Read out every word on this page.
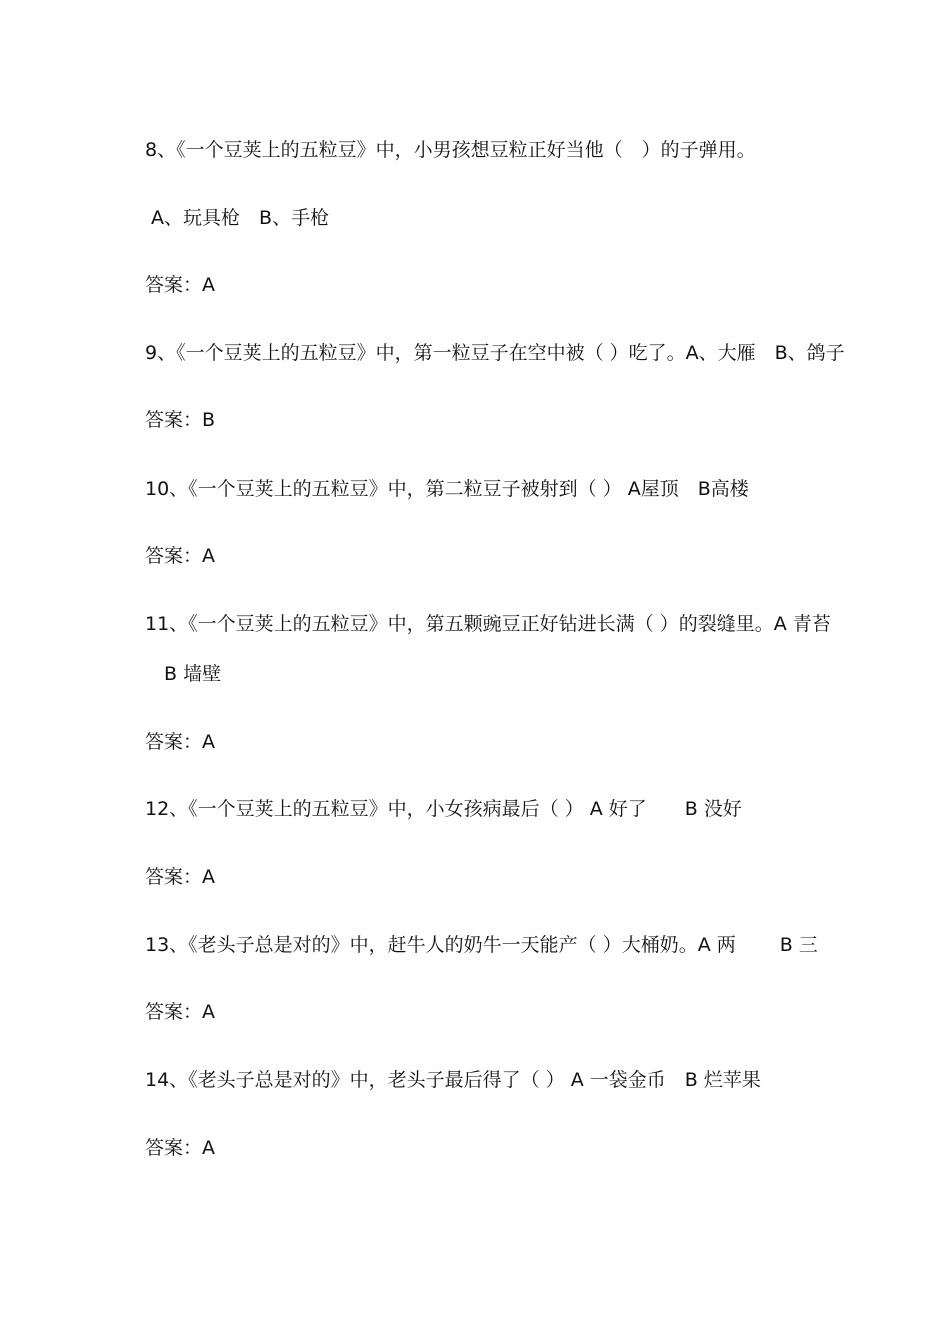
8、《一个豆荚上的五粒豆》中，小男孩想豆粒正好当他（　）的子弹用。
A、玩具枪　B、手枪
答案：A
9、《一个豆荚上的五粒豆》中，第一粒豆子在空中被（ ）吃了。A、大雁　B、鸽子
答案：B
10、《一个豆荚上的五粒豆》中，第二粒豆子被射到（ ） A屋顶　B高楼
答案：A
11、《一个豆荚上的五粒豆》中，第五颗豌豆正好钻进长满（ ）的裂缝里。A 青苔
　B 墙壁
答案：A
12、《一个豆荚上的五粒豆》中，小女孩病最后（ ） A 好了　　B 没好
答案：A
13、《老头子总是对的》中，赶牛人的奶牛一天能产（ ）大桶奶。A 两　　 B 三
答案：A
14、《老头子总是对的》中，老头子最后得了（ ） A 一袋金币　B 烂苹果
答案：A
